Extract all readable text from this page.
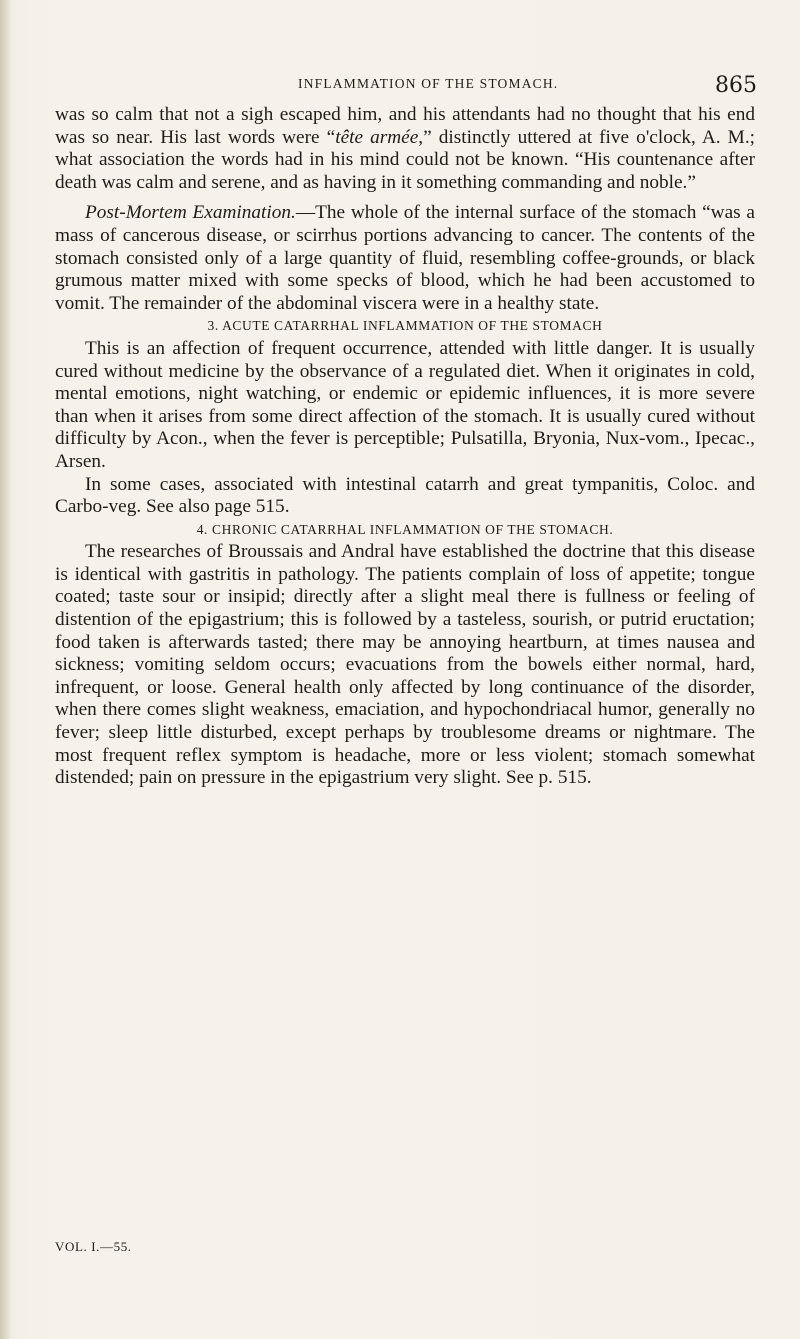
INFLAMMATION OF THE STOMACH.	865

was so calm that not a sigh escaped him, and his attendants had no thought that his end was so near. His last words were “tête armée,” distinctly uttered at five o'clock, A. M.; what association the words had in his mind could not be known. “His countenance after death was calm and serene, and as having in it something commanding and noble.”

Post-Mortem Examination.—The whole of the internal surface of the stomach “was a mass of cancerous disease, or scirrhus portions advancing to cancer. The contents of the stomach consisted only of a large quantity of fluid, resembling coffee-grounds, or black grumous matter mixed with some specks of blood, which he had been accustomed to vomit. The remainder of the abdominal viscera were in a healthy state.

3. ACUTE CATARRHAL INFLAMMATION OF THE STOMACH

This is an affection of frequent occurrence, attended with little danger. It is usually cured without medicine by the observance of a regulated diet. When it originates in cold, mental emotions, night watching, or endemic or epidemic influences, it is more severe than when it arises from some direct affection of the stomach. It is usually cured without difficulty by Acon., when the fever is perceptible; Pulsatilla, Bryonia, Nux-vom., Ipecac., Arsen.

In some cases, associated with intestinal catarrh and great tympanitis, Coloc. and Carbo-veg. See also page 515.

4. CHRONIC CATARRHAL INFLAMMATION OF THE STOMACH.

The researches of Broussais and Andral have established the doctrine that this disease is identical with gastritis in pathology. The patients complain of loss of appetite; tongue coated; taste sour or insipid; directly after a slight meal there is fullness or feeling of distention of the epigastrium; this is followed by a tasteless, sourish, or putrid eructation; food taken is afterwards tasted; there may be annoying heartburn, at times nausea and sickness; vomiting seldom occurs; evacuations from the bowels either normal, hard, infrequent, or loose. General health only affected by long continuance of the disorder, when there comes slight weakness, emaciation, and hypochondriacal humor, generally no fever; sleep little disturbed, except perhaps by troublesome dreams or nightmare. The most frequent reflex symptom is headache, more or less violent; stomach somewhat distended; pain on pressure in the epigastrium very slight. See p. 515.

VOL. I.—55.
